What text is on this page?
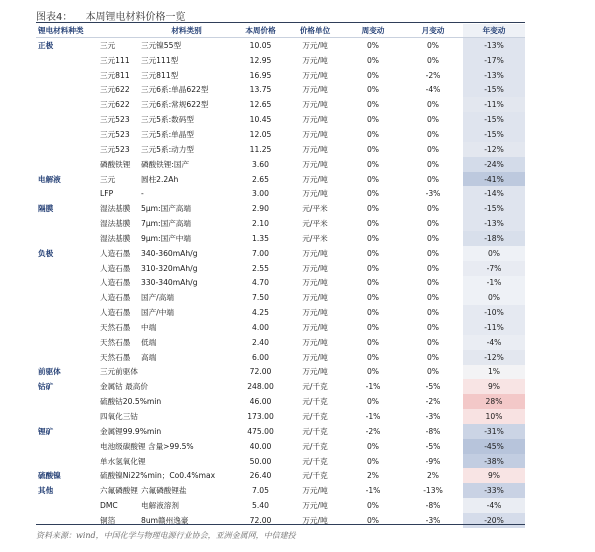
图表4： 本周锂电材料价格一览
锂电材料种类		材料类别	本周价格	价格单位	周变动	月变动	年变动
正极	三元	三元镍55型	10.05	万元/吨	0%	0%	-13%
	三元111	三元111型	12.95	万元/吨	0%	0%	-17%
	三元811	三元811型	16.95	万元/吨	0%	-2%	-13%
	三元622	三元6系:单晶622型	13.75	万元/吨	0%	-4%	-15%
	三元622	三元6系:常规622型	12.65	万元/吨	0%	0%	-11%
	三元523	三元5系:数码型	10.45	万元/吨	0%	0%	-15%
	三元523	三元5系:单晶型	12.05	万元/吨	0%	0%	-15%
	三元523	三元5系:动力型	11.25	万元/吨	0%	0%	-12%
	磷酸铁锂	磷酸铁锂:国产	3.60	万元/吨	0%	0%	-24%
电解液	三元	圆柱2.2Ah	2.65	万元/吨	0%	0%	-41%
	LFP	-	3.00	万元/吨	0%	-3%	-14%
隔膜	湿法基膜	5μm:国产高端	2.90	元/平米	0%	0%	-15%
	湿法基膜	7μm:国产高端	2.10	元/平米	0%	0%	-13%
	湿法基膜	9μm:国产中端	1.35	元/平米	0%	0%	-18%
负极	人造石墨	340-360mAh/g	7.00	万元/吨	0%	0%	0%
	人造石墨	310-320mAh/g	2.55	万元/吨	0%	0%	-7%
	人造石墨	330-340mAh/g	4.70	万元/吨	0%	0%	-1%
	人造石墨	国产/高端	7.50	万元/吨	0%	0%	0%
	人造石墨	国产/中端	4.25	万元/吨	0%	0%	-10%
	天然石墨	中端	4.00	万元/吨	0%	0%	-11%
	天然石墨	低端	2.40	万元/吨	0%	0%	-4%
	天然石墨	高端	6.00	万元/吨	0%	0%	-12%
前驱体	三元前驱体		72.00	万元/吨	0%	0%	1%
钴矿	金属钴 最高价		248.00	元/千克	-1%	-5%	9%
	硫酸钴20.5%min		46.00	元/千克	0%	-2%	28%
	四氧化三钴		173.00	元/千克	-1%	-3%	10%
锂矿	金属锂99.9%min		475.00	元/千克	-2%	-8%	-31%
	电池级碳酸锂 含量>99.5%		40.00	元/千克	0%	-5%	-45%
	单水氢氧化锂		50.00	元/千克	0%	-9%	-38%
硫酸镍	硫酸镍Ni22%min；Co0.4%max		26.40	元/千克	2%	2%	9%
其他	六氟磷酸锂	六氟磷酸锂盐	7.05	万元/吨	-1%	-13%	-33%
	DMC	电解液溶剂	5.40	万元/吨	0%	-8%	-4%
	铜箔	8um赣州逸豪	72.00	万元/吨	0%	-3%	-20%
资料来源：wind，中国化学与物理电源行业协会，亚洲金属网，中信建投
